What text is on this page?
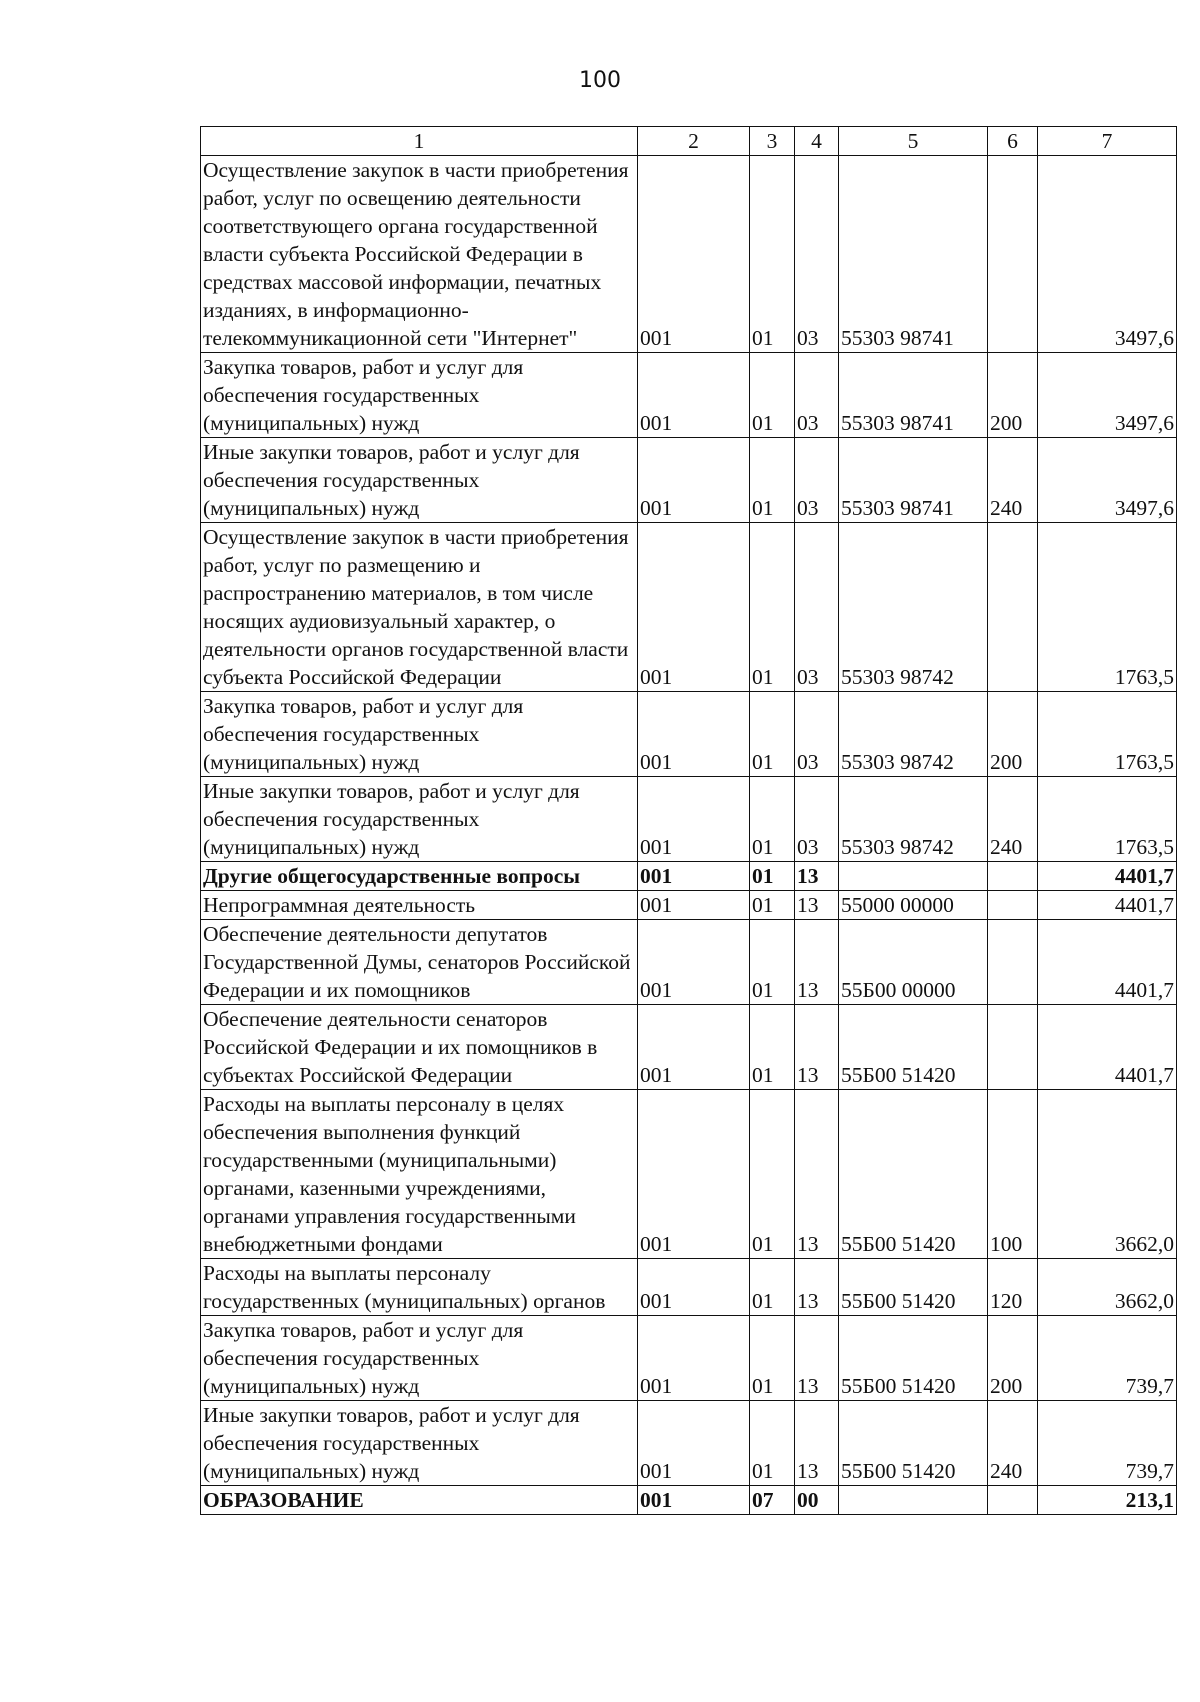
100
1	2	3	4	5	6	7
Осуществление закупок в части приобретения работ, услуг по освещению деятельности соответствующего органа государственной власти субъекта Российской Федерации в средствах массовой информации, печатных изданиях, в информационно-телекоммуникационной сети "Интернет"	001	01	03	55303 98741		3497,6
Закупка товаров, работ и услуг для обеспечения государственных (муниципальных) нужд	001	01	03	55303 98741	200	3497,6
Иные закупки товаров, работ и услуг для обеспечения государственных (муниципальных) нужд	001	01	03	55303 98741	240	3497,6
Осуществление закупок в части приобретения работ, услуг по размещению и распространению материалов, в том числе носящих аудиовизуальный характер, о деятельности органов государственной власти субъекта Российской Федерации	001	01	03	55303 98742		1763,5
Закупка товаров, работ и услуг для обеспечения государственных (муниципальных) нужд	001	01	03	55303 98742	200	1763,5
Иные закупки товаров, работ и услуг для обеспечения государственных (муниципальных) нужд	001	01	03	55303 98742	240	1763,5
Другие общегосударственные вопросы	001	01	13			4401,7
Непрограммная деятельность	001	01	13	55000 00000		4401,7
Обеспечение деятельности депутатов Государственной Думы, сенаторов Российской Федерации и их помощников	001	01	13	55Б00 00000		4401,7
Обеспечение деятельности сенаторов Российской Федерации и их помощников в субъектах Российской Федерации	001	01	13	55Б00 51420		4401,7
Расходы на выплаты персоналу в целях обеспечения выполнения функций государственными (муниципальными) органами, казенными учреждениями, органами управления государственными внебюджетными фондами	001	01	13	55Б00 51420	100	3662,0
Расходы на выплаты персоналу государственных (муниципальных) органов	001	01	13	55Б00 51420	120	3662,0
Закупка товаров, работ и услуг для обеспечения государственных (муниципальных) нужд	001	01	13	55Б00 51420	200	739,7
Иные закупки товаров, работ и услуг для обеспечения государственных (муниципальных) нужд	001	01	13	55Б00 51420	240	739,7
ОБРАЗОВАНИЕ	001	07	00			213,1
